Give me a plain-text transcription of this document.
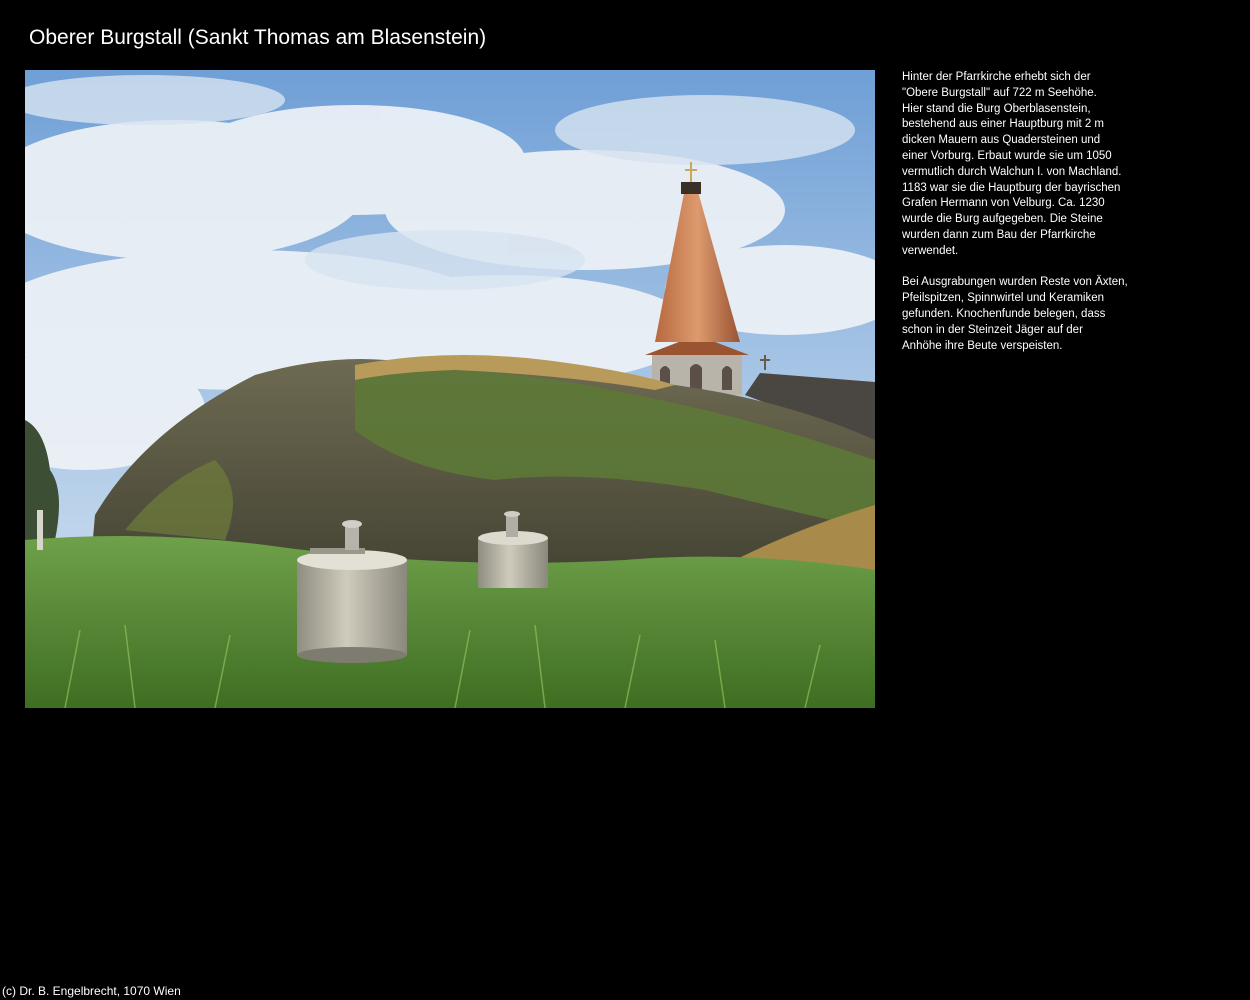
Oberer Burgstall (Sankt Thomas am Blasenstein)

Hinter der Pfarrkirche erhebt sich der
"Obere Burgstall" auf 722 m Seehöhe.
Hier stand die Burg Oberblasenstein,
bestehend aus einer Hauptburg mit 2 m
dicken Mauern aus Quadersteinen und
einer Vorburg. Erbaut wurde sie um 1050
vermutlich durch Walchun I. von Machland.
1183 war sie die Hauptburg der bayrischen
Grafen Hermann von Velburg. Ca. 1230
wurde die Burg aufgegeben. Die Steine
wurden dann zum Bau der Pfarrkirche
verwendet.

Bei Ausgrabungen wurden Reste von Äxten,
Pfeilspitzen, Spinnwirtel und Keramiken
gefunden. Knochenfunde belegen, dass
schon in der Steinzeit Jäger auf der
Anhöhe ihre Beute verspeisten.

(c) Dr. B. Engelbrecht, 1070 Wien
